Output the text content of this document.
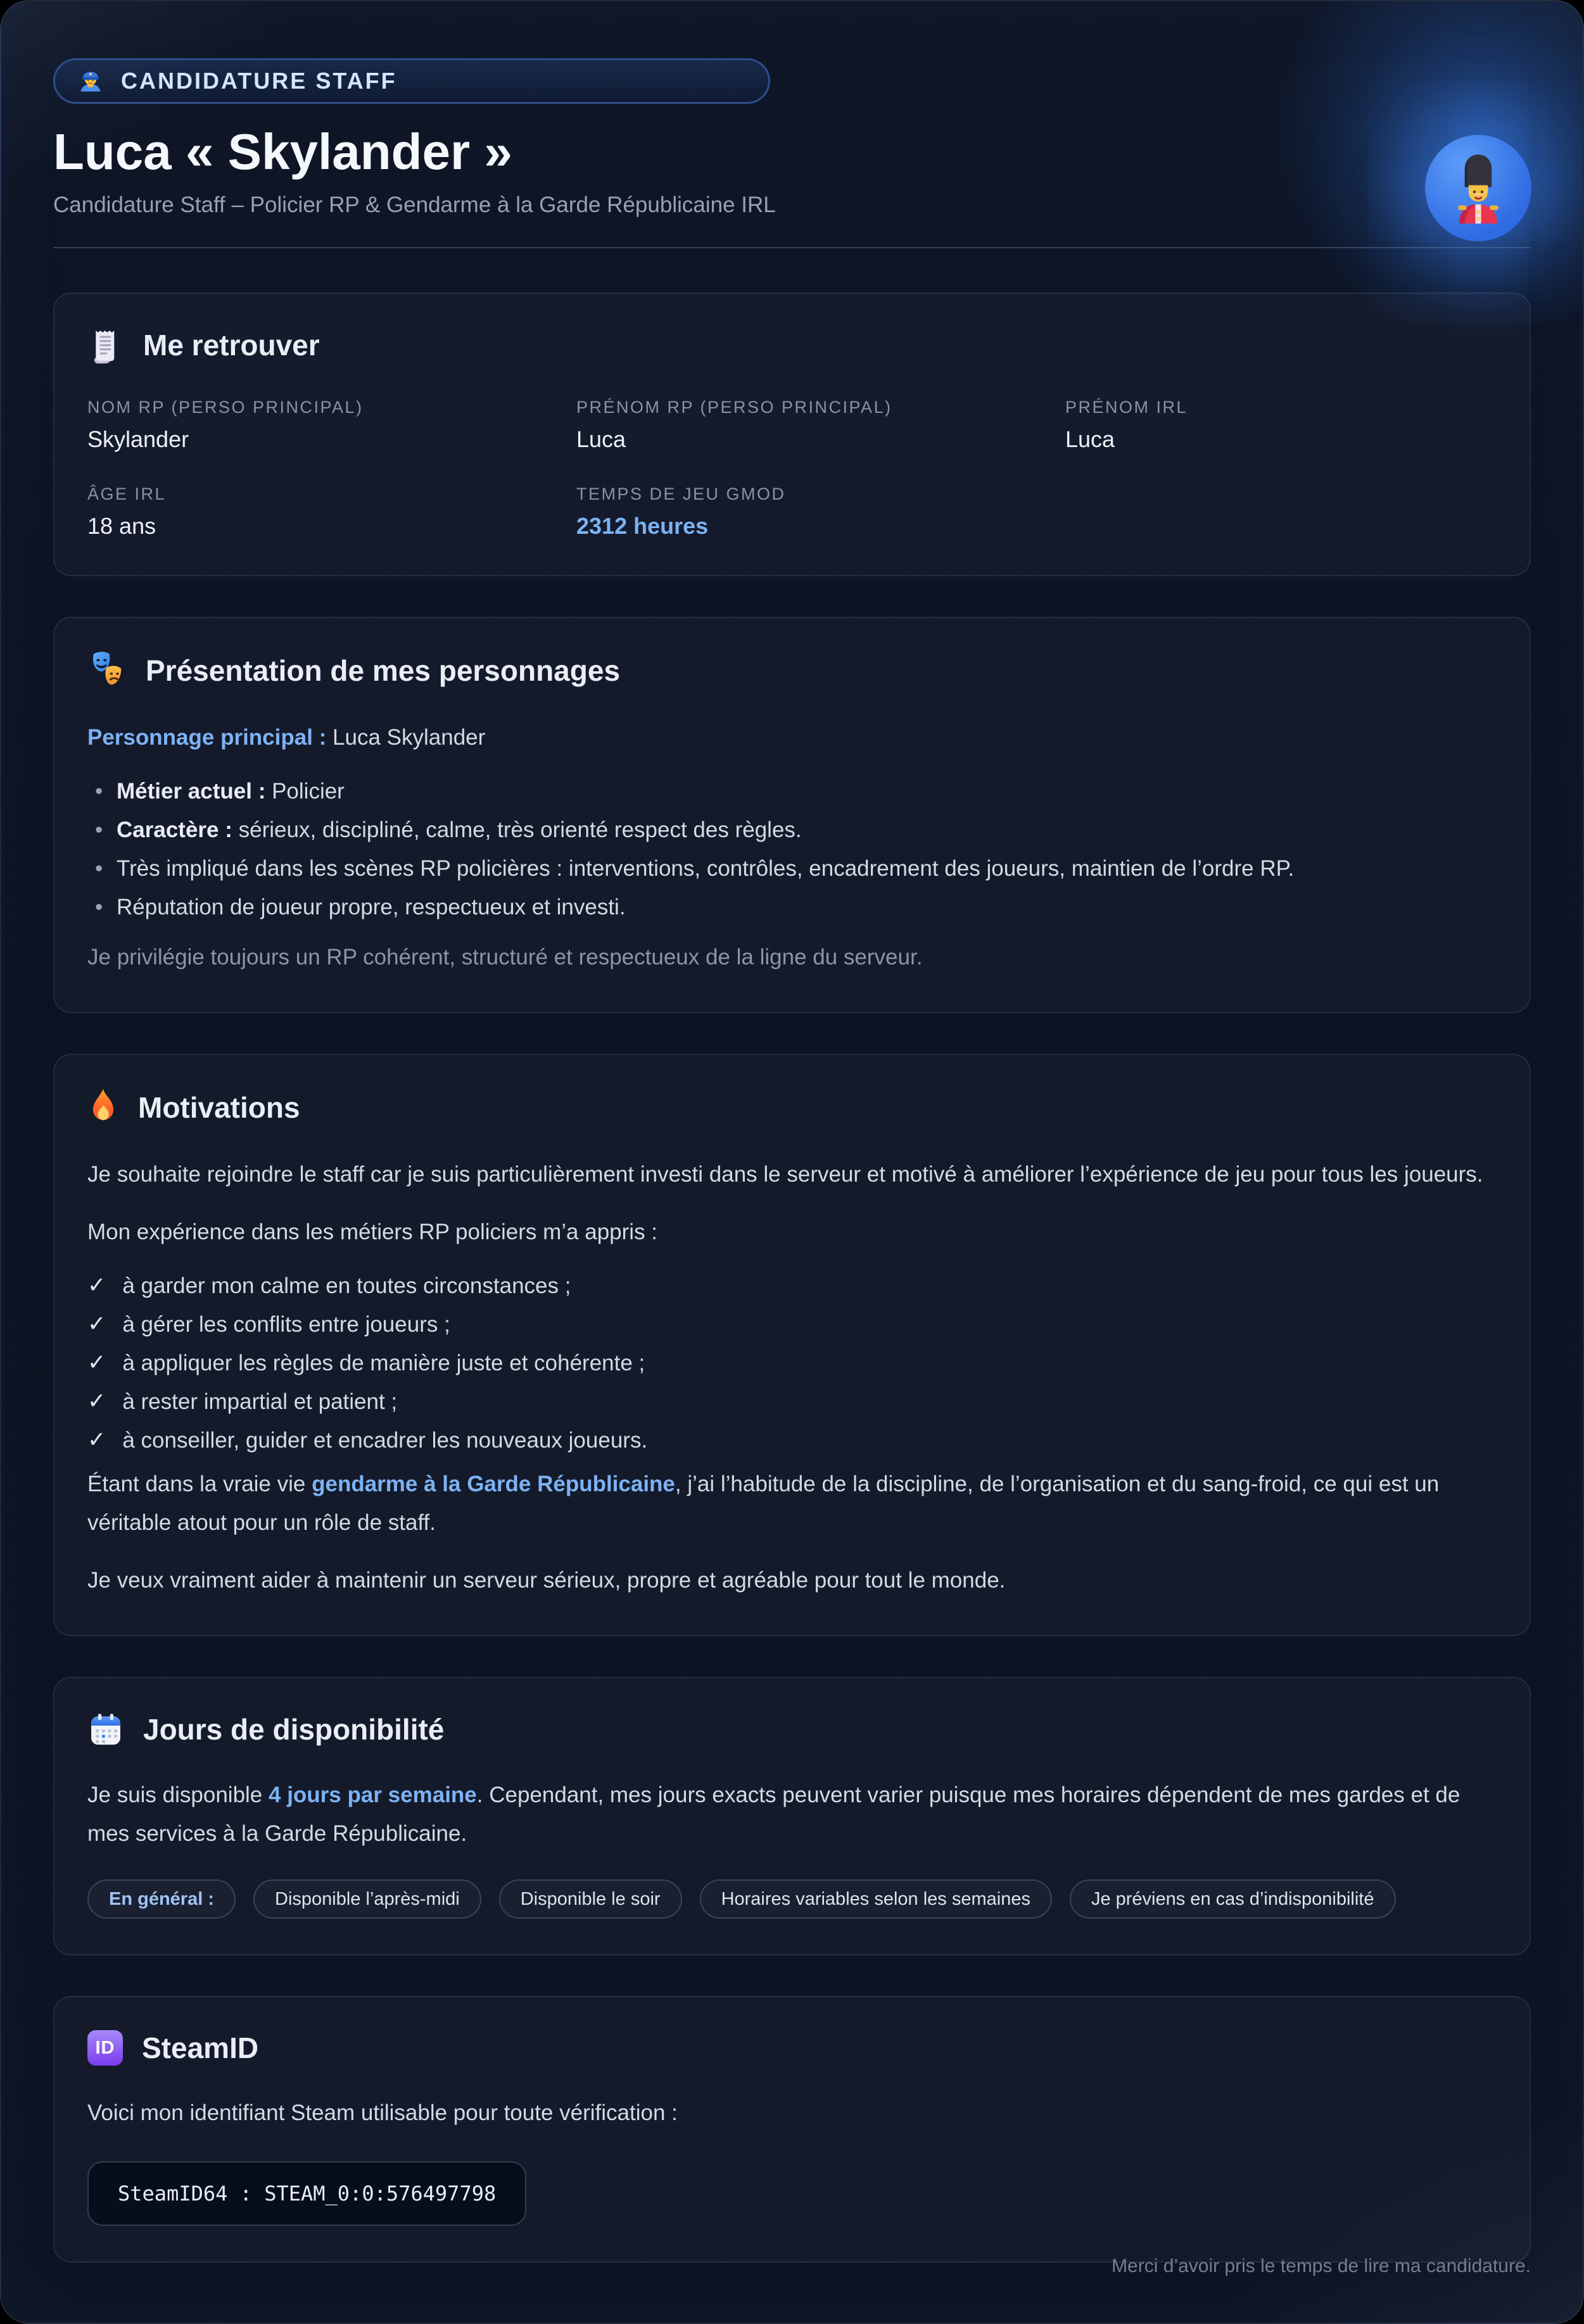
CANDIDATURE STAFF
Luca « Skylander »

Candidature Staff – Policier RP & Gendarme à la Garde Républicaine IRL

Me retrouver
NOM RP (PERSO PRINCIPAL)
Skylander
PRÉNOM RP (PERSO PRINCIPAL)
Luca
PRÉNOM IRL
Luca
ÂGE IRL
18 ans
TEMPS DE JEU GMOD
2312 heures
Présentation de mes personnages

Personnage principal : Luca Skylander

• Métier actuel : Policier
• Caractère : sérieux, discipliné, calme, très orienté respect des règles.
• Très impliqué dans les scènes RP policières : interventions, contrôles, encadrement des joueurs, maintien de l’ordre RP.
• Réputation de joueur propre, respectueux et investi.

Je privilégie toujours un RP cohérent, structuré et respectueux de la ligne du serveur.

Motivations

Je souhaite rejoindre le staff car je suis particulièrement investi dans le serveur et motivé à améliorer l’expérience de jeu pour tous les joueurs.

Mon expérience dans les métiers RP policiers m’a appris :

✓ à garder mon calme en toutes circonstances ;
✓ à gérer les conflits entre joueurs ;
✓ à appliquer les règles de manière juste et cohérente ;
✓ à rester impartial et patient ;
✓ à conseiller, guider et encadrer les nouveaux joueurs.

Étant dans la vraie vie gendarme à la Garde Républicaine, j’ai l’habitude de la discipline, de l’organisation et du sang-froid, ce qui est un véritable atout pour un rôle de staff.

Je veux vraiment aider à maintenir un serveur sérieux, propre et agréable pour tout le monde.

Jours de disponibilité

Je suis disponible 4 jours par semaine. Cependant, mes jours exacts peuvent varier puisque mes horaires dépendent de mes gardes et de mes services à la Garde Républicaine.

En général :	Disponible l’après-midi	Disponible le soir	Horaires variables selon les semaines	Je préviens en cas d’indisponibilité
ID SteamID

Voici mon identifiant Steam utilisable pour toute vérification :

SteamID64 : STEAM_0:0:576497798
Merci d’avoir pris le temps de lire ma candidature.
